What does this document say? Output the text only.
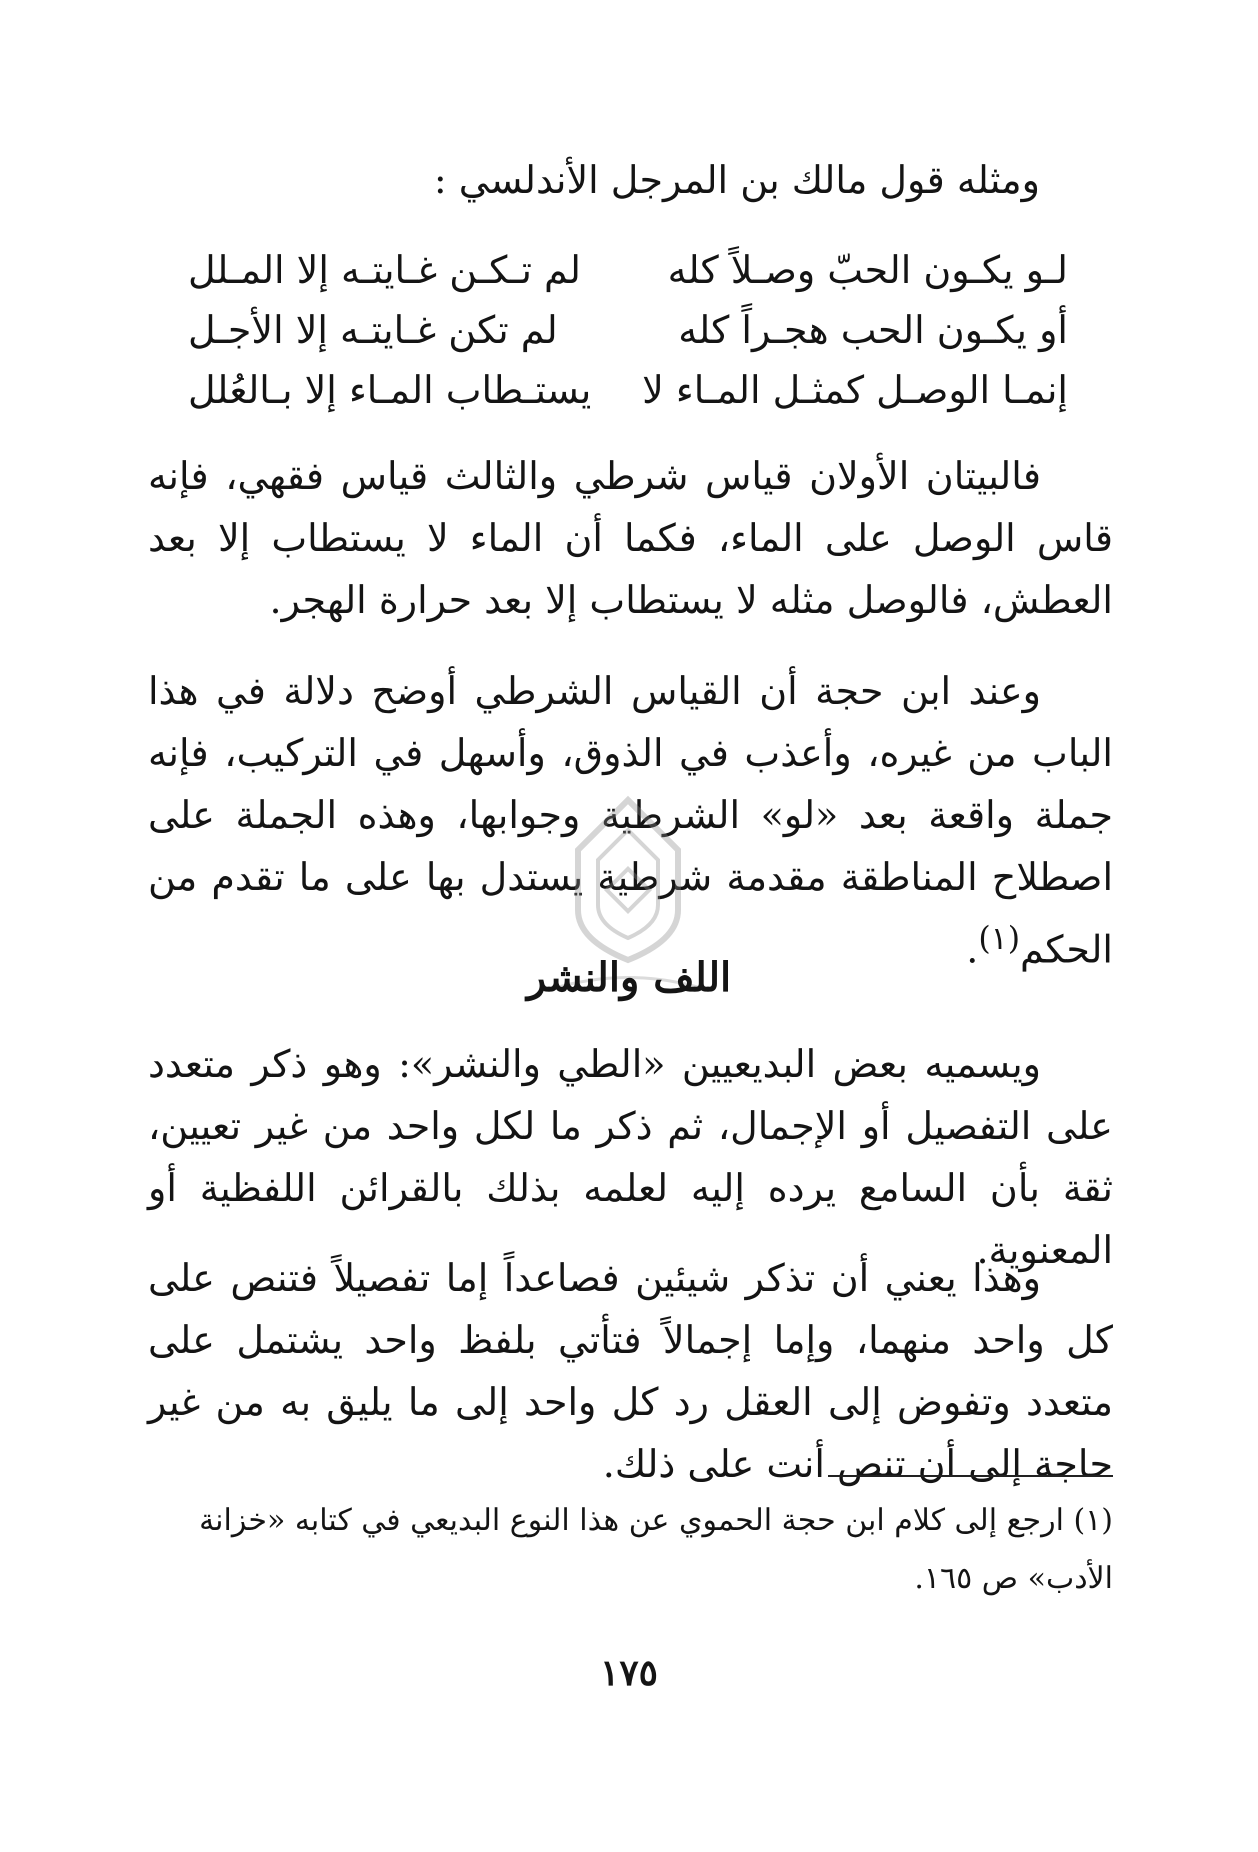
ومثله قول مالك بن المرجل الأندلسي :

لـو يكـون الحبّ وصـلاً كله
لم تـكـن غـايتـه إلا المـلل
أو يكـون الحب هجـراً كله
لم تكن غـايتـه إلا الأجـل
إنمـا الوصـل كمثـل المـاء لا
يستـطاب المـاء إلا بـالعُلل

فالبيتان الأولان قياس شرطي والثالث قياس فقهي، فإنه قاس الوصل على الماء، فكما أن الماء لا يستطاب إلا بعد العطش، فالوصل مثله لا يستطاب إلا بعد حرارة الهجر.

وعند ابن حجة أن القياس الشرطي أوضح دلالة في هذا الباب من غيره، وأعذب في الذوق، وأسهل في التركيب، فإنه جملة واقعة بعد «لو» الشرطية وجوابها، وهذه الجملة على اصطلاح المناطقة مقدمة شرطية يستدل بها على ما تقدم من الحكم$^{(١)}$.

اللف والنشر

ويسميه بعض البديعيين «الطي والنشر»: وهو ذكر متعدد على التفصيل أو الإجمال، ثم ذكر ما لكل واحد من غير تعيين، ثقة بأن السامع يرده إليه لعلمه بذلك بالقرائن اللفظية أو المعنوية.

وهذا يعني أن تذكر شيئين فصاعداً إما تفصيلاً فتنص على كل واحد منهما، وإما إجمالاً فتأتي بلفظ واحد يشتمل على متعدد وتفوض إلى العقل رد كل واحد إلى ما يليق به من غير حاجة إلى أن تنص أنت على ذلك.

(١) ارجع إلى كلام ابن حجة الحموي عن هذا النوع البديعي في كتابه «خزانة الأدب» ص ١٦٥.

١٧٥
